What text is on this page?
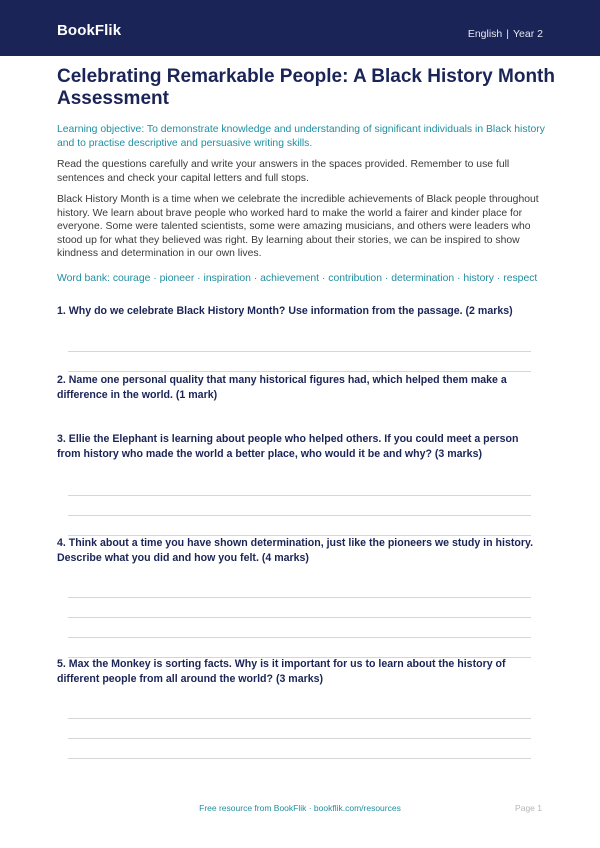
BookFlik	English | Year 2
Celebrating Remarkable People: A Black History Month Assessment
Learning objective: To demonstrate knowledge and understanding of significant individuals in Black history and to practise descriptive and persuasive writing skills.
Read the questions carefully and write your answers in the spaces provided. Remember to use full sentences and check your capital letters and full stops.
Black History Month is a time when we celebrate the incredible achievements of Black people throughout history. We learn about brave people who worked hard to make the world a fairer and kinder place for everyone. Some were talented scientists, some were amazing musicians, and others were leaders who stood up for what they believed was right. By learning about their stories, we can be inspired to show kindness and determination in our own lives.
Word bank: courage · pioneer · inspiration · achievement · contribution · determination · history · respect
1. Why do we celebrate Black History Month? Use information from the passage. (2 marks)
2. Name one personal quality that many historical figures had, which helped them make a difference in the world. (1 mark)
3. Ellie the Elephant is learning about people who helped others. If you could meet a person from history who made the world a better place, who would it be and why? (3 marks)
4. Think about a time you have shown determination, just like the pioneers we study in history. Describe what you did and how you felt. (4 marks)
5. Max the Monkey is sorting facts. Why is it important for us to learn about the history of different people from all around the world? (3 marks)
Free resource from BookFlik · bookflik.com/resources	Page 1
